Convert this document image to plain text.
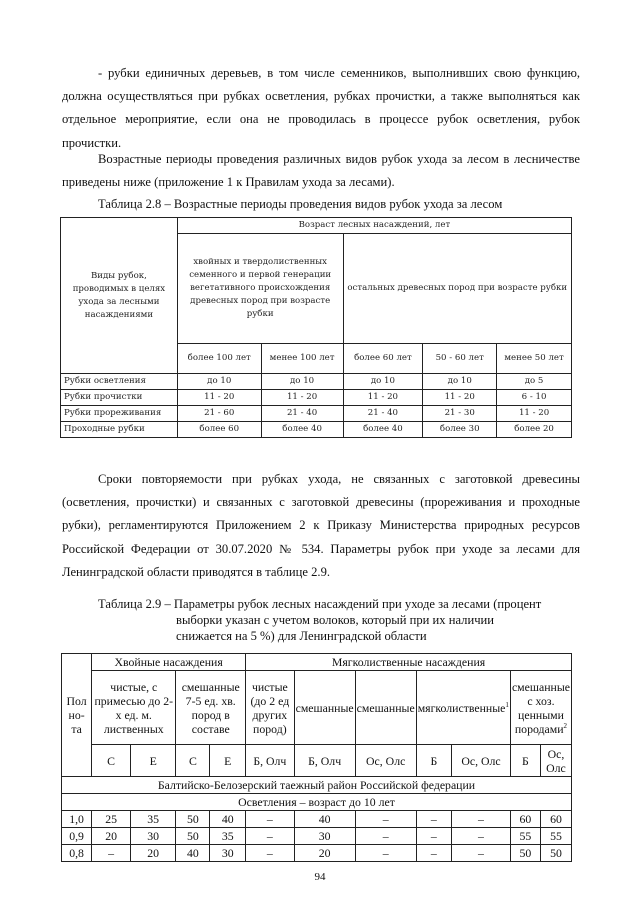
- рубки единичных деревьев, в том числе семенников, выполнивших свою функцию, должна осуществляться при рубках осветления, рубках прочистки, а также выполняться как отдельное мероприятие, если она не проводилась в процессе рубок осветления, рубок прочистки.

Возрастные периоды проведения различных видов рубок ухода за лесом в лесничестве приведены ниже (приложение 1 к Правилам ухода за лесами).

Таблица 2.8 – Возрастные периоды проведения видов рубок ухода за лесом

Виды рубок, проводимых в целях ухода за лесными насаждениями	Возраст лесных насаждений, лет				
	хвойных и твердолиственных семенного и первой генерации вегетативного происхождения древесных пород при возрасте рубки		остальных древесных пород при возрасте рубки		
	более 100 лет	менее 100 лет	более 60 лет	50 - 60 лет	менее 50 лет
Рубки осветления	до 10	до 10	до 10	до 10	до 5
Рубки прочистки	11 - 20	11 - 20	11 - 20	11 - 20	6 - 10
Рубки прореживания	21 - 60	21 - 40	21 - 40	21 - 30	11 - 20
Проходные рубки	более 60	более 40	более 40	более 30	более 20

Сроки повторяемости при рубках ухода, не связанных с заготовкой древесины (осветления, прочистки) и связанных с заготовкой древесины (прореживания и проходные рубки), регламентируются Приложением 2 к Приказу Министерства природных ресурсов Российской Федерации от 30.07.2020 № 534. Параметры рубок при уходе за лесами для Ленинградской области приводятся в таблице 2.9.

Таблица 2.9 – Параметры рубок лесных насаждений при уходе за лесами (процент

выборки указан с учетом волоков, который при их наличии

снижается на 5 %) для Ленинградской области

Пол но- та	Хвойные насаждения				Мягколиственные насаждения						
	чистые, с примесью до 2-х ед. м. лиственных		смешанные 7-5 ед. хв. пород в составе		чистые (до 2 ед других пород)	смешанные	смешанные	мягколиственные$^1$		смешанные с хоз. ценными породами$^2$
	С	Е	С	Е	Б, Олч	Б, Олч	Ос, Олс	Б	Ос, Олс	Б	Ос, Олс
Балтийско-Белозерский таежный район Российской федерации											
Осветления – возраст до 10 лет											
1,0	25	35	50	40	–	40	–	–	–	60	60
0,9	20	30	50	35	–	30	–	–	–	55	55
0,8	–	20	40	30	–	20	–	–	–	50	50
94
